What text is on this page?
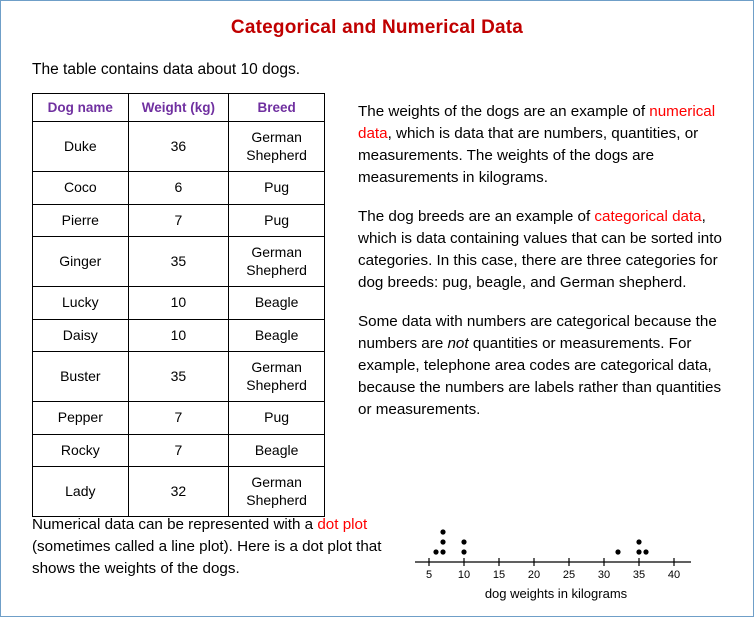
Categorical and Numerical Data
The table contains data about 10 dogs.
Dog name	Weight (kg)	Breed
Duke	36	German Shepherd
Coco	6	Pug
Pierre	7	Pug
Ginger	35	German Shepherd
Lucky	10	Beagle
Daisy	10	Beagle
Buster	35	German Shepherd
Pepper	7	Pug
Rocky	7	Beagle
Lady	32	German Shepherd

The weights of the dogs are an example of numerical data, which is data that are numbers, quantities, or measurements. The weights of the dogs are measurements in kilograms.

The dog breeds are an example of categorical data, which is data containing values that can be sorted into categories. In this case, there are three categories for dog breeds: pug, beagle, and German shepherd.

Some data with numbers are categorical because the numbers are not quantities or measurements. For example, telephone area codes are categorical data, because the numbers are labels rather than quantities or measurements.

Numerical data can be represented with a dot plot (sometimes called a line plot). Here is a dot plot that shows the weights of the dogs.	5 10 15 20 25 30 35 40
dog weights in kilograms
